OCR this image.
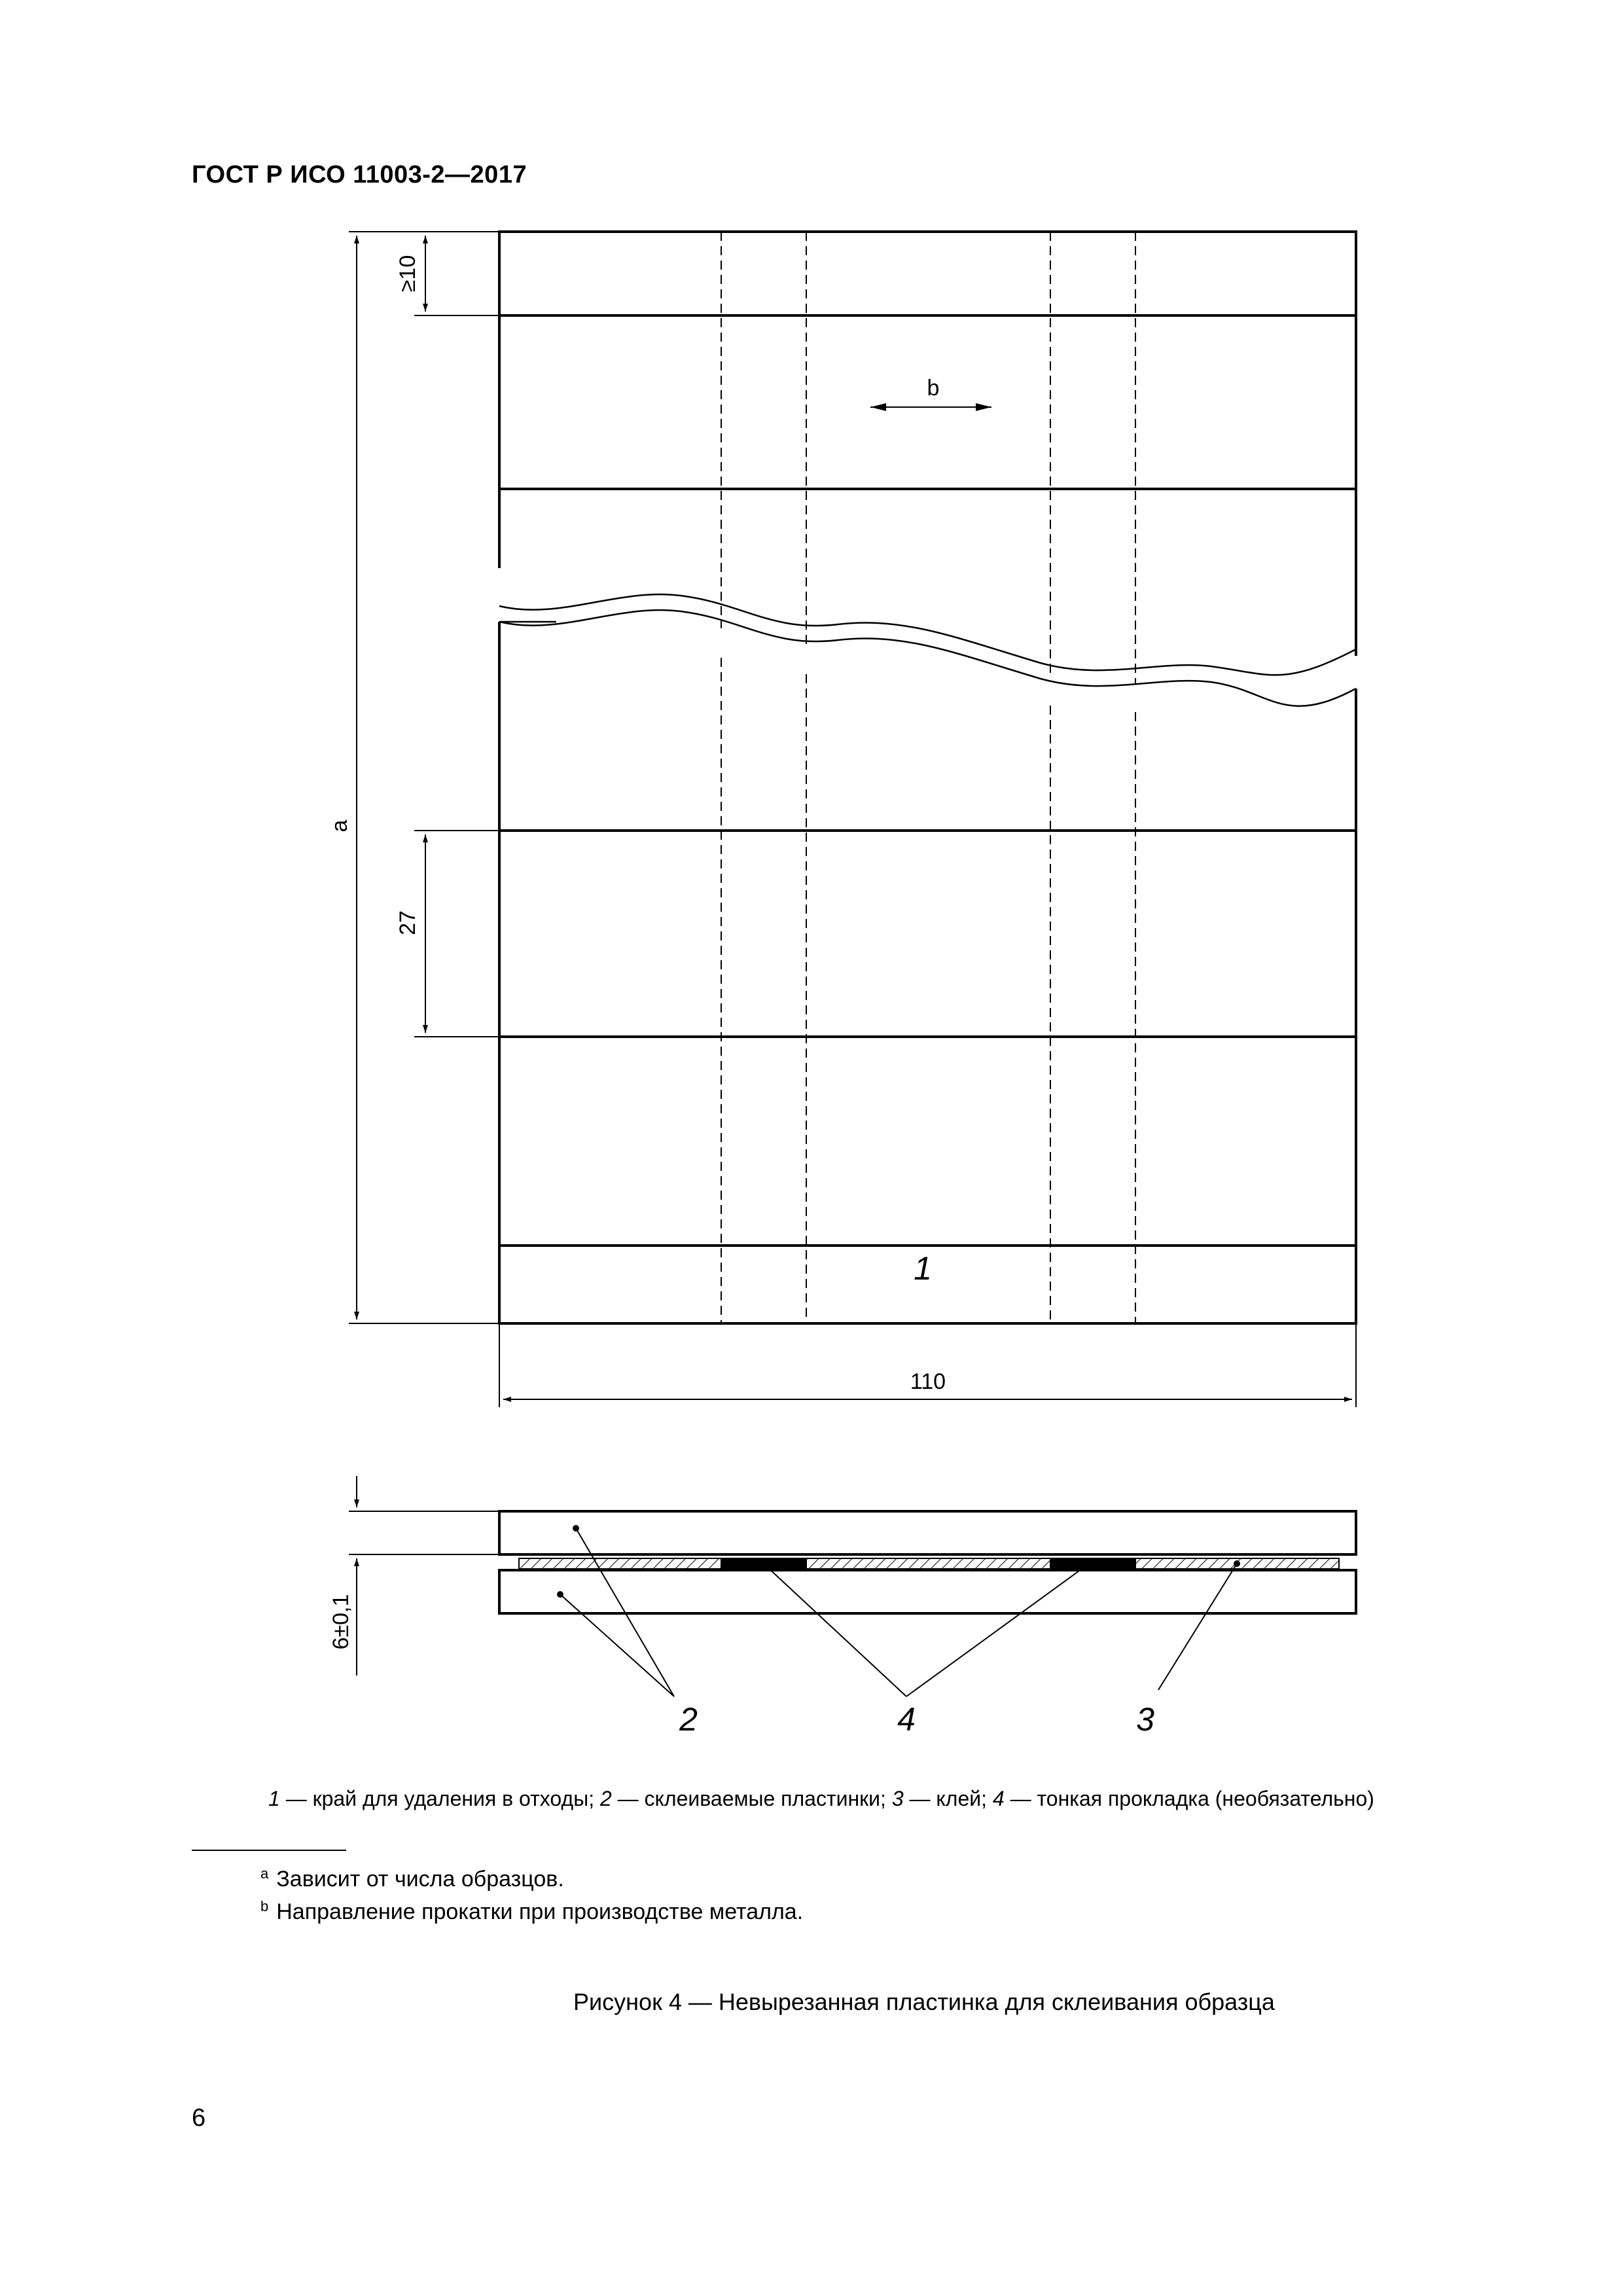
ГОСТ Р ИСО 11003-2—2017
≥10
a
27
b
1
110
6±0,1
2	4	3
1 — край для удаления в отходы; 2 — склеиваемые пластинки; 3 — клей; 4 — тонкая прокладка (необязательно)
$^a$ Зависит от числа образцов.
$^b$ Направление прокатки при производстве металла.
Рисунок 4 — Невырезанная пластинка для склеивания образца
6
